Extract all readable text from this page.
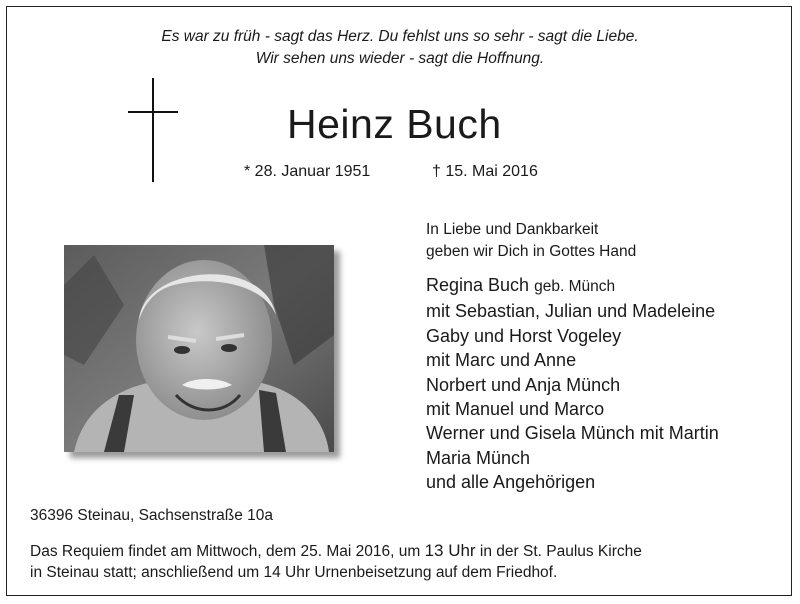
Es war zu früh - sagt das Herz. Du fehlst uns so sehr - sagt die Liebe.
Wir sehen uns wieder - sagt die Hoffnung.
Heinz Buch
* 28. Januar 1951	† 15. Mai 2016
In Liebe und Dankbarkeit
geben wir Dich in Gottes Hand
Regina Buch geb. Münch
mit Sebastian, Julian und Madeleine
Gaby und Horst Vogeley
mit Marc und Anne
Norbert und Anja Münch
mit Manuel und Marco
Werner und Gisela Münch mit Martin
Maria Münch
und alle Angehörigen
36396 Steinau, Sachsenstraße 10a
Das Requiem findet am Mittwoch, dem 25. Mai 2016, um 13 Uhr in der St. Paulus Kirche
in Steinau statt; anschließend um 14 Uhr Urnenbeisetzung auf dem Friedhof.
